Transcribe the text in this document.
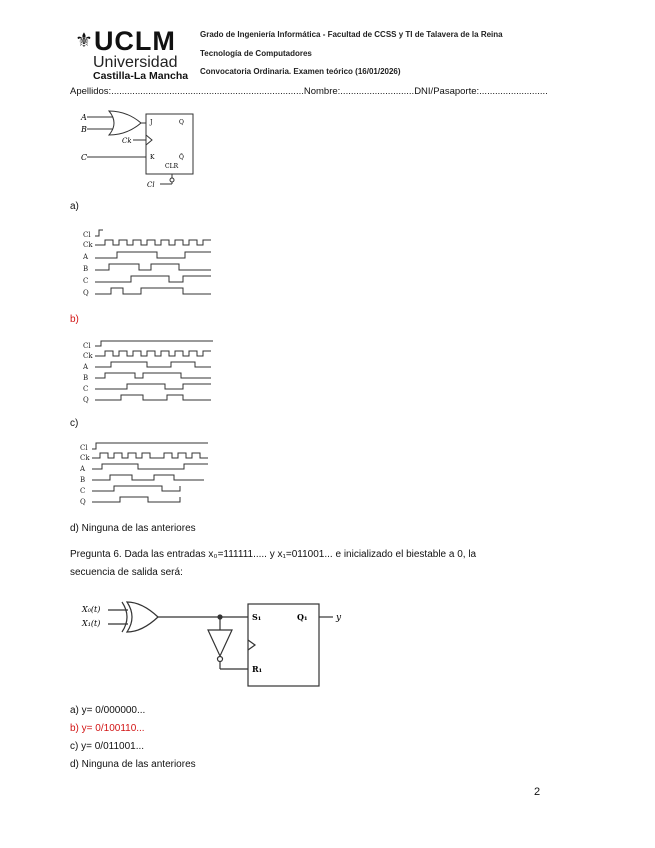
⚜UCLM
Universidad
Castilla-La Mancha
Grado de Ingeniería Informática - Facultad de CCSS y TI de Talavera de la Reina
Tecnología de Computadores
Convocatoria Ordinaria. Examen teórico (16/01/2026)
Apellidos:.........................................................................Nombre:............................DNI/Pasaporte:..........................
A
B
C
Ck
Cl
J	Q
K	Q̄
CLR
a)
Cl
Ck
A
B
C
Q
b)
Cl
Ck
A
B
C
Q
c)
Cl
Ck
A
B
C
Q
d) Ninguna de las anteriores
Pregunta 6. Dada las entradas x₀=111111..... y x₁=011001... e inicializado el biestable a 0, la
secuencia de salida será:
X₀(t)
X₁(t)
S₁
R₁
Q₁	y
a) y= 0/000000...
b) y= 0/100110...
c) y= 0/011001...
d) Ninguna de las anteriores
2
